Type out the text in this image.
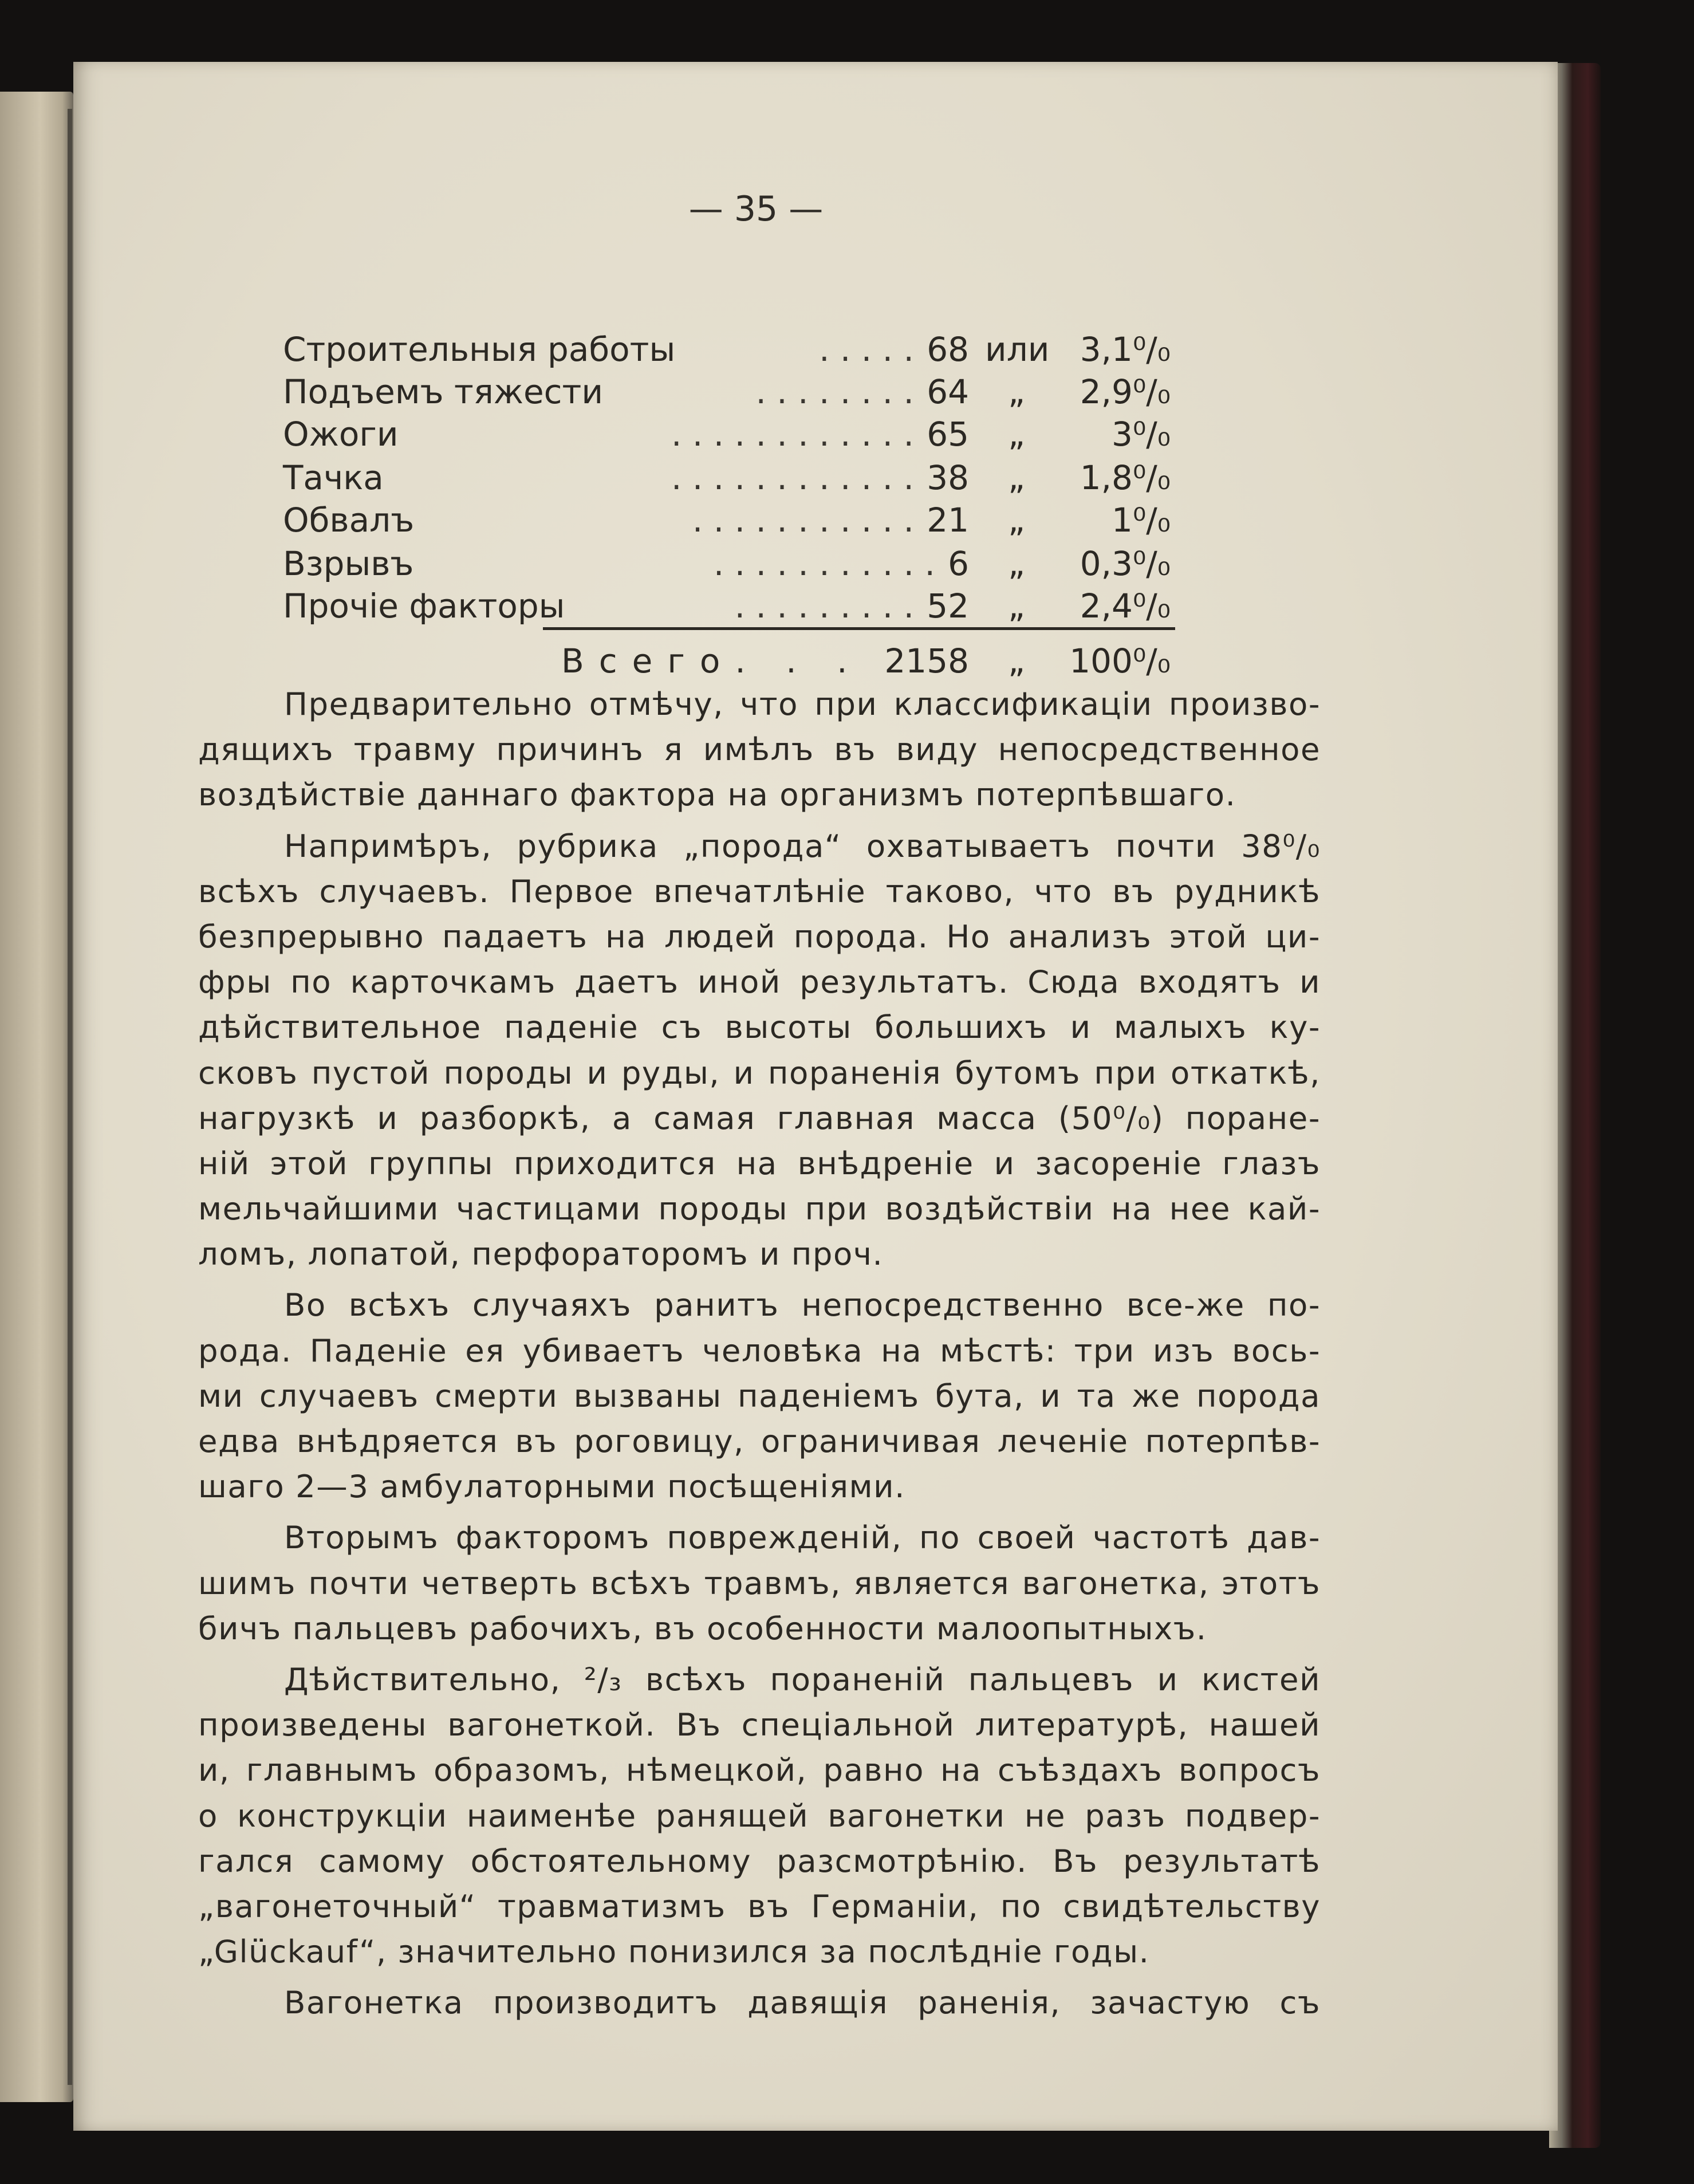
— 35 —
Строительныя работы	68 или 3,1⁰/₀
. . . . .
Подъемъ тяжести	64	„	2,9⁰/₀
. . . . . . . .
Ожоги	65	„	3⁰/₀
. . . . . . . . . . . .
Тачка	38	„	1,8⁰/₀
. . . . . . . . . . . .
Обвалъ	21	„	1⁰/₀
. . . . . . . . . . .
Взрывъ	6	„	0,3⁰/₀
. . . . . . . . . . .
Прочiе факторы	52	„	2,4⁰/₀
. . . . . . . . .
Всего. . . 2158	„	100⁰/₀
Предварительно отмѣчу, что при классификацiи произво-
дящихъ травму причинъ я имѣлъ въ виду непосредственное
воздѣйствiе даннаго фактора на организмъ потерпѣвшаго.
Напримѣръ, рубрика „порода“ охватываетъ почти 38⁰/₀
всѣхъ случаевъ. Первое впечатлѣнiе таково, что въ рудникѣ
безпрерывно падаетъ на людей порода. Но анализъ этой ци-
фры по карточкамъ даетъ иной результатъ. Сюда входятъ и
дѣйствительное паденiе съ высоты большихъ и малыхъ ку-
сковъ пустой породы и руды, и пораненiя бутомъ при откаткѣ,
нагрузкѣ и разборкѣ, а самая главная масса (50⁰/₀) поране-
нiй этой группы приходится на внѣдренiе и засоренiе глазъ
мельчайшими частицами породы при воздѣйствiи на нее кай-
ломъ, лопатой, перфораторомъ и проч.
Во всѣхъ случаяхъ ранитъ непосредственно все-же по-
рода. Паденiе ея убиваетъ человѣка на мѣстѣ: три изъ вось-
ми случаевъ смерти вызваны паденiемъ бута, и та же порода
едва внѣдряется въ роговицу, ограничивая леченiе потерпѣв-
шаго 2—3 амбулаторными посѣщенiями.
Вторымъ факторомъ поврежденiй, по своей частотѣ дав-
шимъ почти четверть всѣхъ травмъ, является вагонетка, этотъ
бичъ пальцевъ рабочихъ, въ особенности малоопытныхъ.
Дѣйствительно, ²/₃ всѣхъ пораненiй пальцевъ и кистей
произведены вагонеткой. Въ спецiальной литературѣ, нашей
и, главнымъ образомъ, нѣмецкой, равно на съѣздахъ вопросъ
о конструкцiи наименѣе ранящей вагонетки не разъ подвер-
гался самому обстоятельному разсмотрѣнiю. Въ результатѣ
„вагонеточный“ травматизмъ въ Германiи, по свидѣтельству
„Glückauf“, значительно понизился за послѣднiе годы.
Вагонетка производитъ давящiя раненiя, зачастую съ
